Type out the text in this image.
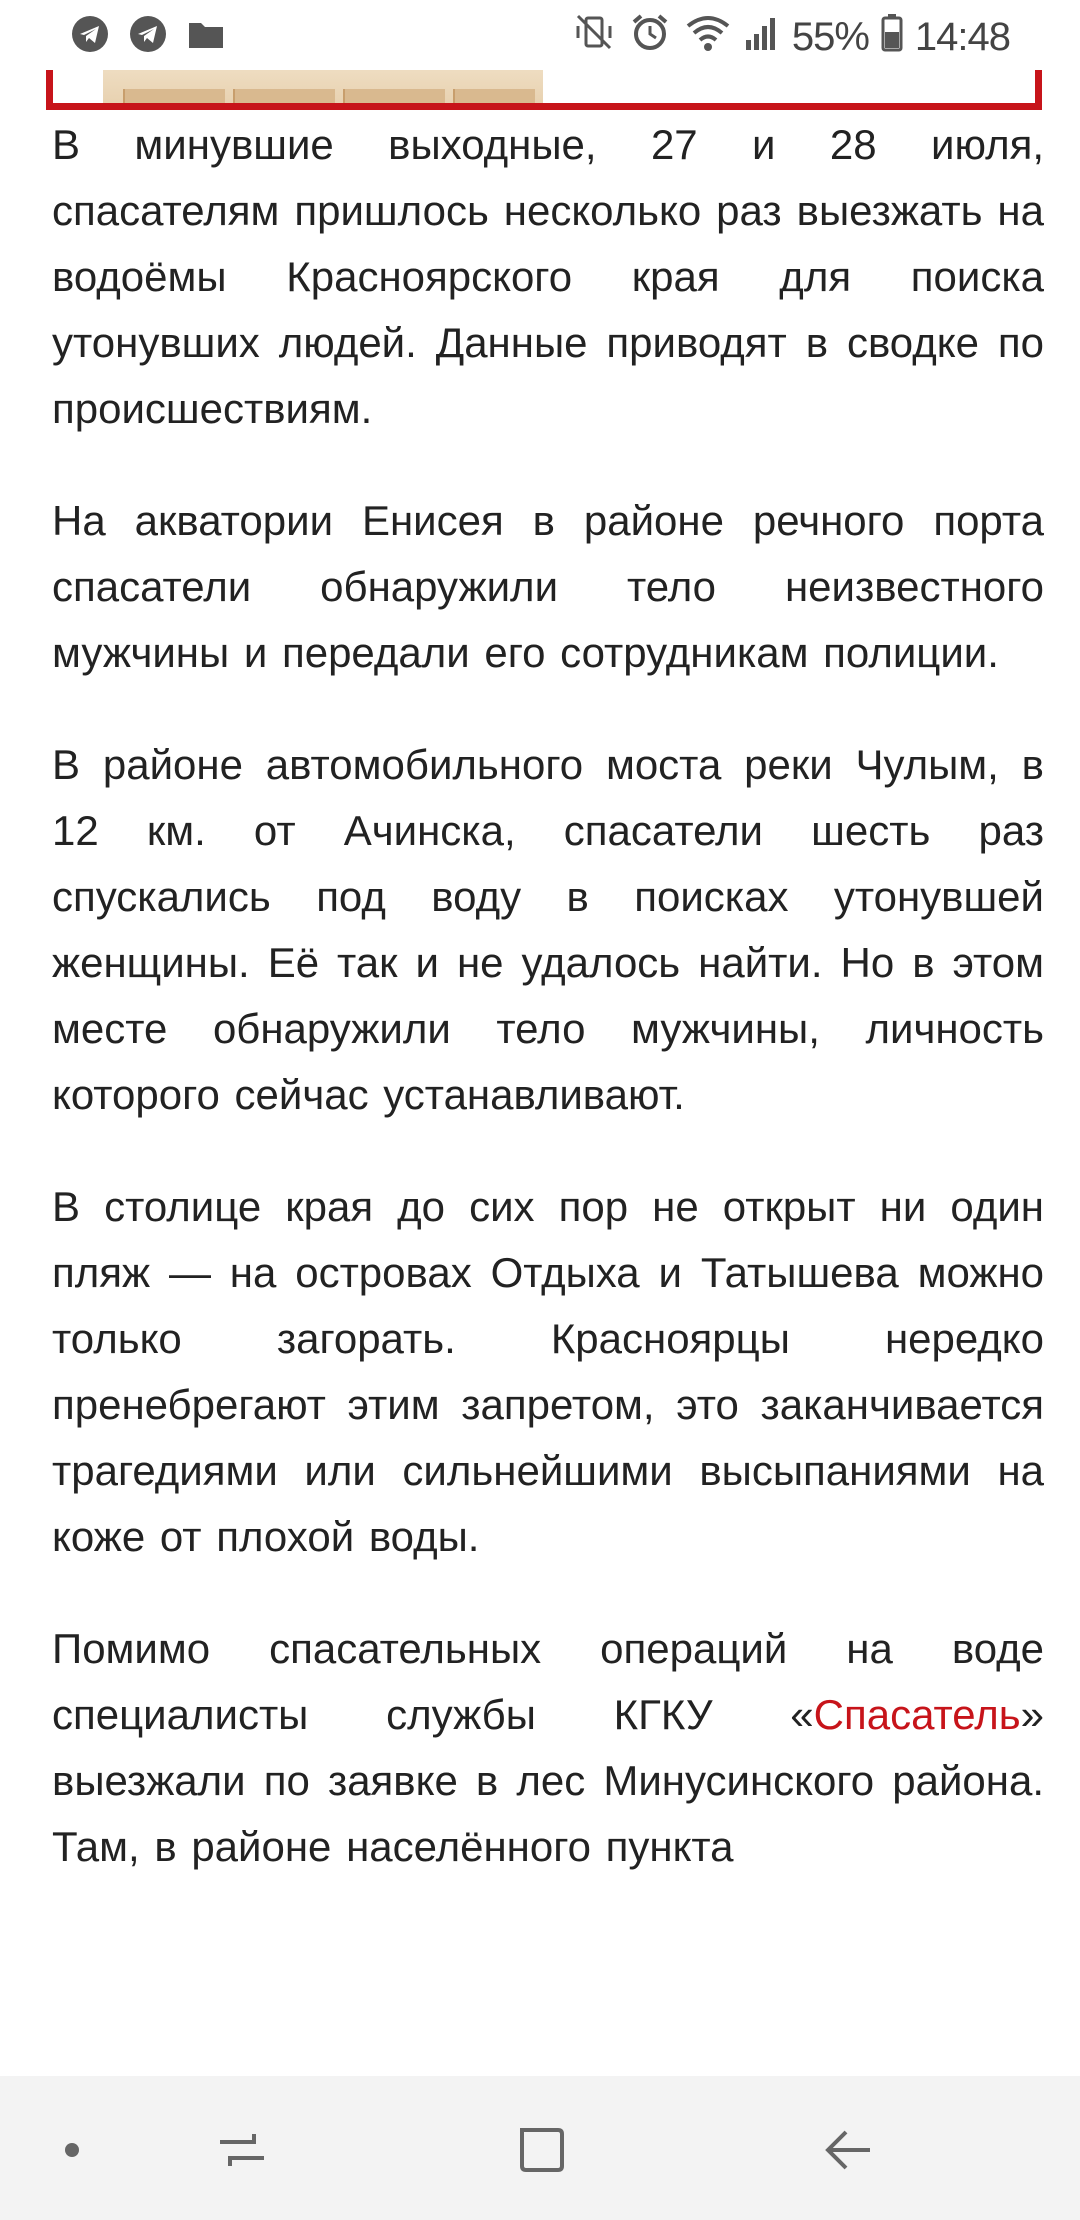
55% 14:48

В минувшие выходные, 27 и 28 июля, спасателям пришлось несколько раз выезжать на водоёмы Красноярского края для поиска утонувших людей. Данные приводят в сводке по происшествиям.

На акватории Енисея в районе речного порта спасатели обнаружили тело неизвестного мужчины и передали его сотрудникам полиции.

В районе автомобильного моста реки Чулым, в 12 км. от Ачинска, спасатели шесть раз спускались под воду в поисках утонувшей женщины. Её так и не удалось найти. Но в этом месте обнаружили тело мужчины, личность которого сейчас устанавливают.

В столице края до сих пор не открыт ни один пляж — на островах Отдыха и Татышева можно только загорать. Красноярцы нередко пренебрегают этим запретом, это заканчивается трагедиями или сильнейшими высыпаниями на коже от плохой воды.

Помимо спасательных операций на воде специалисты службы КГКУ «Спасатель» выезжали по заявке в лес Минусинского района. Там, в районе населённого пункта
